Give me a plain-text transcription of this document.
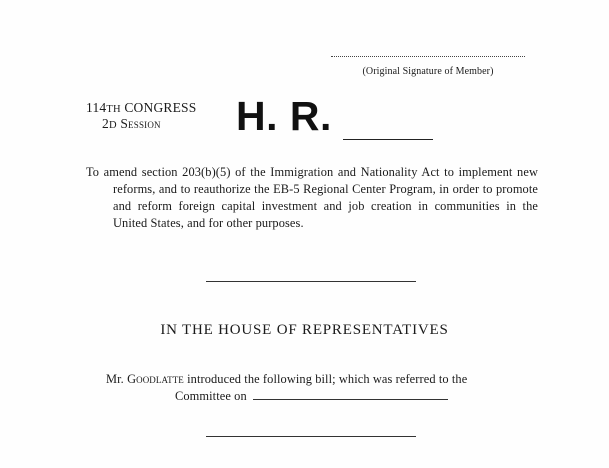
(Original Signature of Member)
114TH CONGRESS
2D Session	H. R.
To amend section 203(b)(5) of the Immigration and Nationality Act to implement new reforms, and to reauthorize the EB-5 Regional Center Program, in order to promote and reform foreign capital investment and job creation in communities in the United States, and for other purposes.
IN THE HOUSE OF REPRESENTATIVES
Mr. Goodlatte introduced the following bill; which was referred to the
Committee on
